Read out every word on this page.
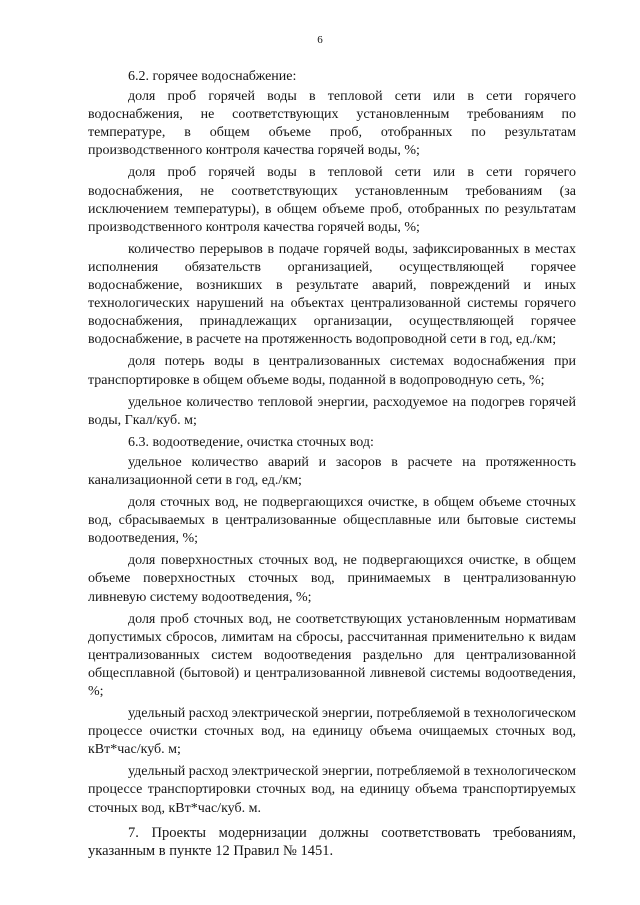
6

6.2. горячее водоснабжение:

доля проб горячей воды в тепловой сети или в сети горячего водоснабжения, не соответствующих установленным требованиям по температуре, в общем объеме проб, отобранных по результатам производственного контроля качества горячей воды, %;

доля проб горячей воды в тепловой сети или в сети горячего водоснабжения, не соответствующих установленным требованиям (за исключением температуры), в общем объеме проб, отобранных по результатам производственного контроля качества горячей воды, %;

количество перерывов в подаче горячей воды, зафиксированных в местах исполнения обязательств организацией, осуществляющей горячее водоснабжение, возникших в результате аварий, повреждений и иных технологических нарушений на объектах централизованной системы горячего водоснабжения, принадлежащих организации, осуществляющей горячее водоснабжение, в расчете на протяженность водопроводной сети в год, ед./км;

доля потерь воды в централизованных системах водоснабжения при транспортировке в общем объеме воды, поданной в водопроводную сеть, %;

удельное количество тепловой энергии, расходуемое на подогрев горячей воды, Гкал/куб. м;

6.3. водоотведение, очистка сточных вод:

удельное количество аварий и засоров в расчете на протяженность канализационной сети в год, ед./км;

доля сточных вод, не подвергающихся очистке, в общем объеме сточных вод, сбрасываемых в централизованные общесплавные или бытовые системы водоотведения, %;

доля поверхностных сточных вод, не подвергающихся очистке, в общем объеме поверхностных сточных вод, принимаемых в централизованную ливневую систему водоотведения, %;

доля проб сточных вод, не соответствующих установленным нормативам допустимых сбросов, лимитам на сбросы, рассчитанная применительно к видам централизованных систем водоотведения раздельно для централизованной общесплавной (бытовой) и централизованной ливневой системы водоотведения, %;

удельный расход электрической энергии, потребляемой в технологическом процессе очистки сточных вод, на единицу объема очищаемых сточных вод, кВт*час/куб. м;

удельный расход электрической энергии, потребляемой в технологическом процессе транспортировки сточных вод, на единицу объема транспортируемых сточных вод, кВт*час/куб. м.

7. Проекты модернизации должны соответствовать требованиям, указанным в пункте 12 Правил № 1451.
